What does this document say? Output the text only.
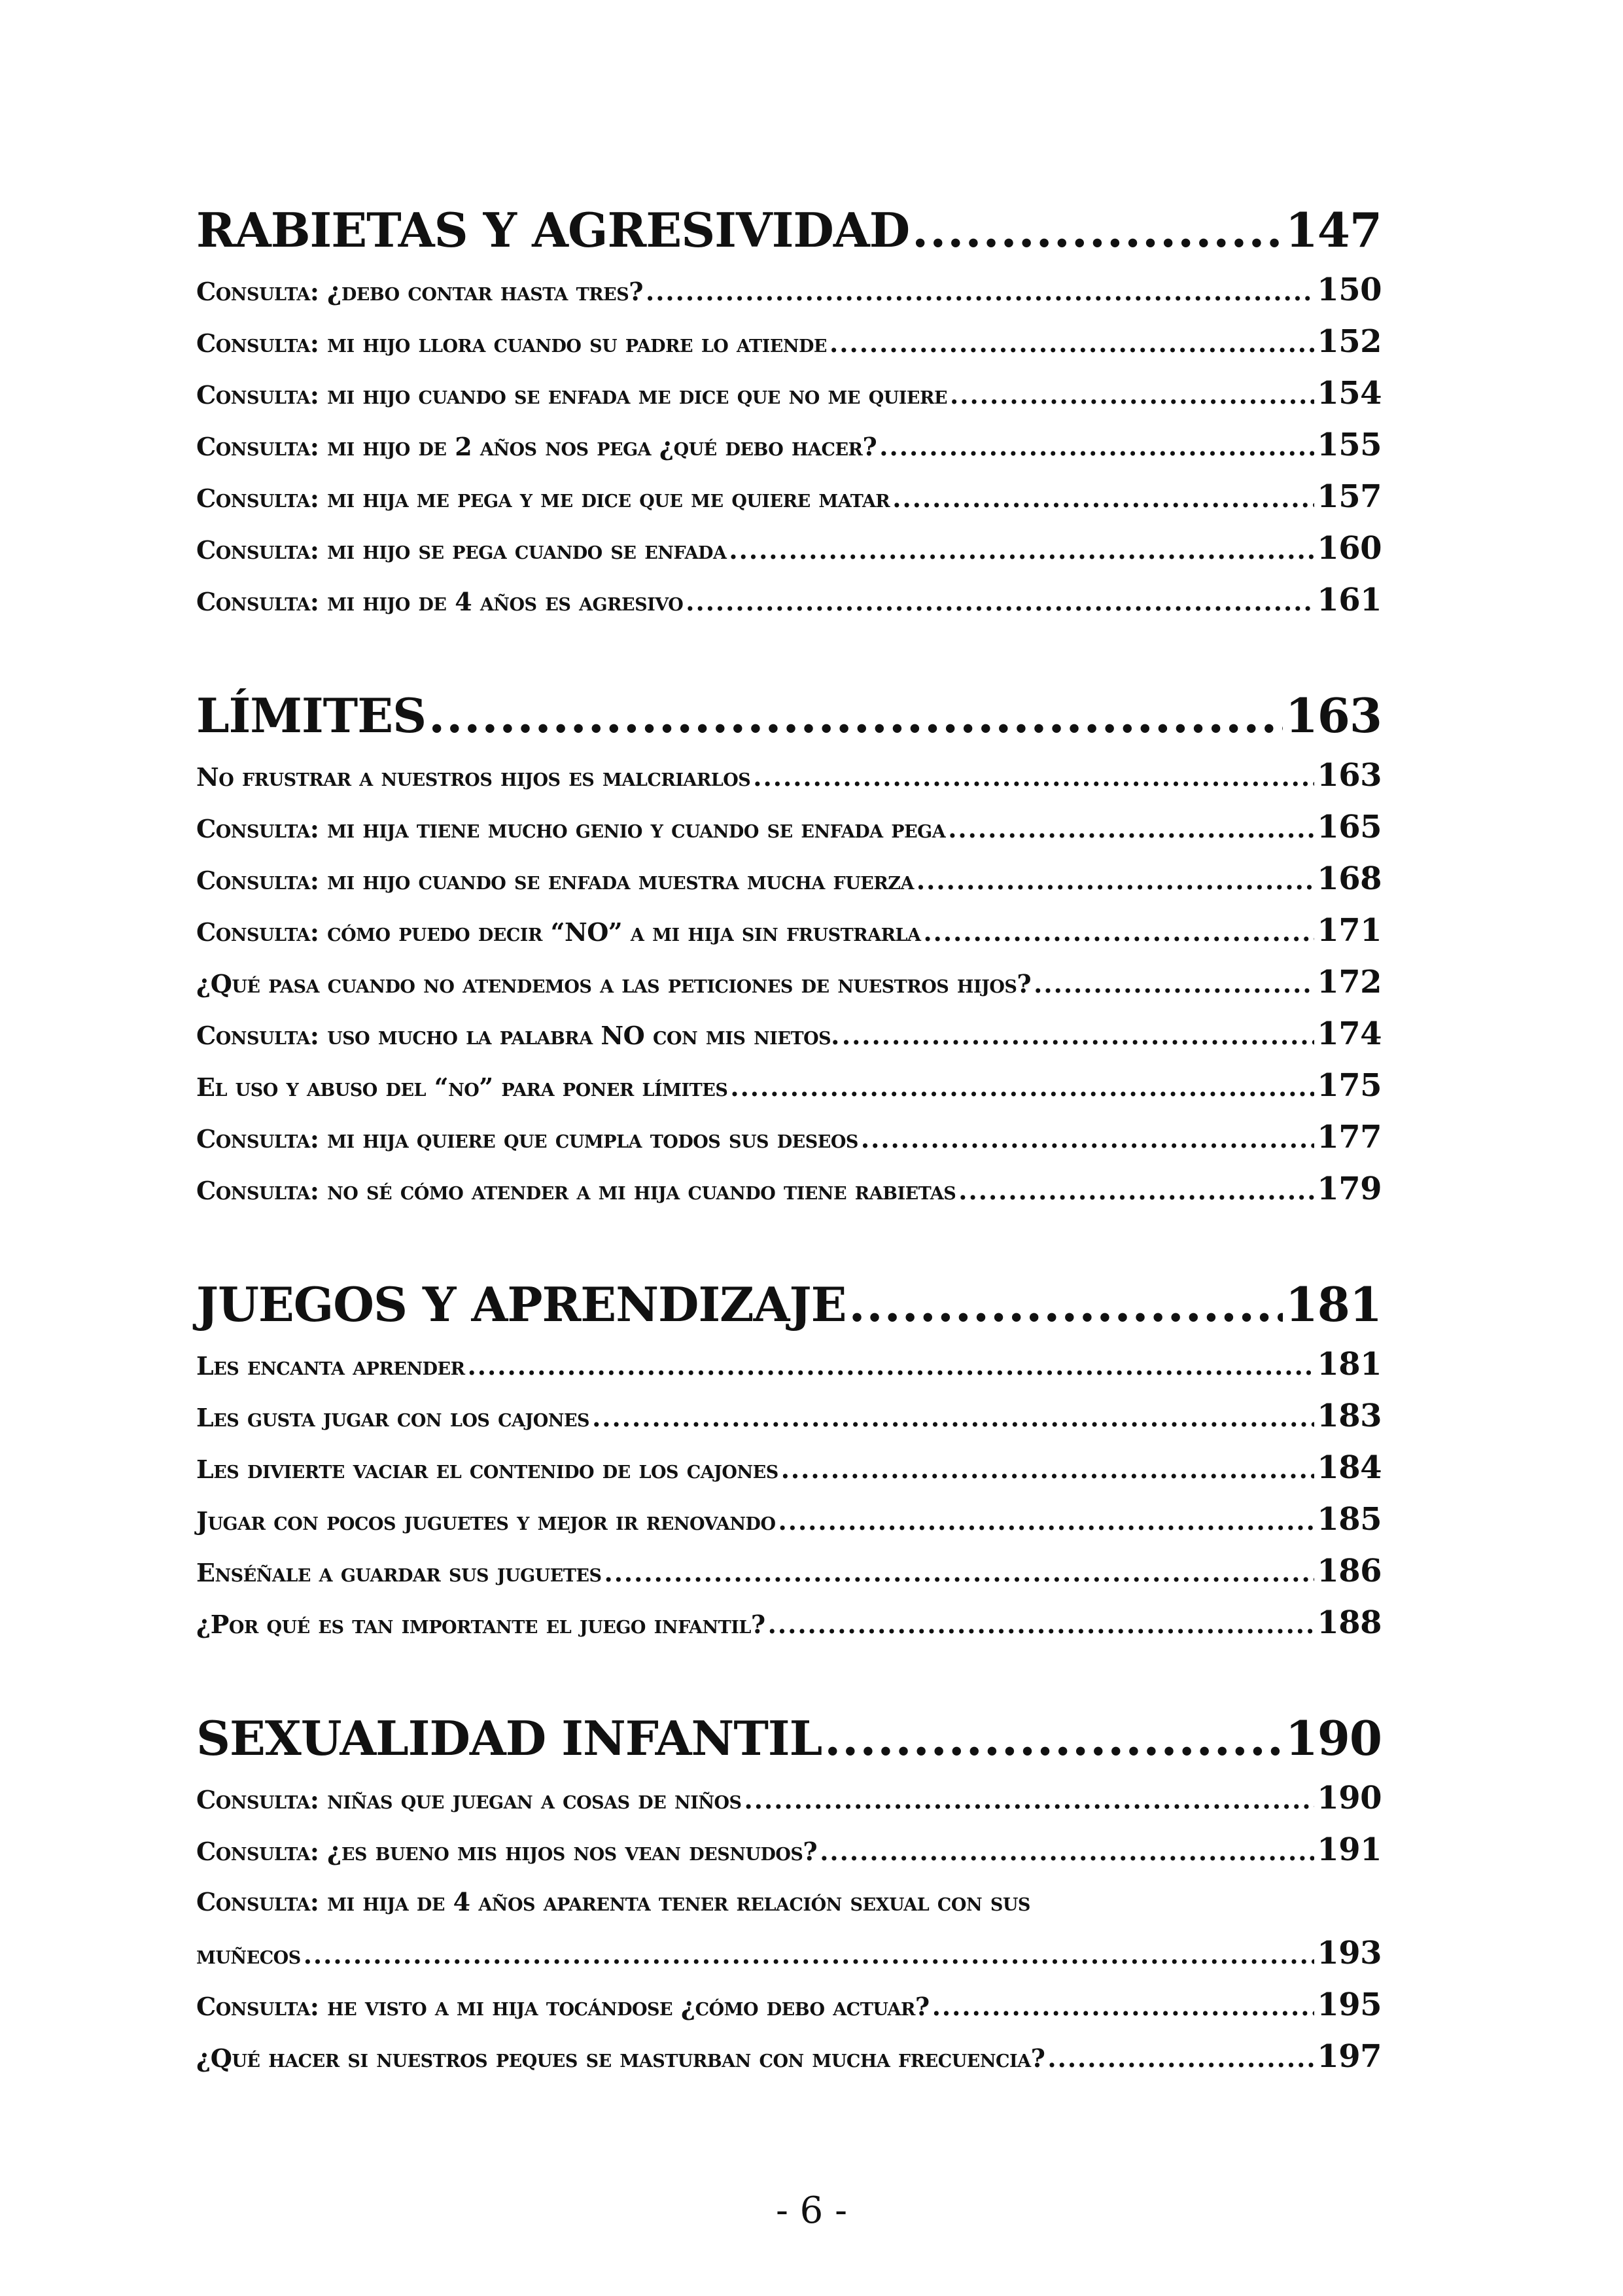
RABIETAS Y AGRESIVIDAD .....	147
Consulta: ¿debo contar hasta tres? .....	150
Consulta: mi hijo llora cuando su padre lo atiende .....	152
Consulta: mi hijo cuando se enfada me dice que no me quiere .....	154
Consulta: mi hijo de 2 años nos pega ¿qué debo hacer? .....	155
Consulta: mi hija me pega y me dice que me quiere matar .....	157
Consulta: mi hijo se pega cuando se enfada .....	160
Consulta: mi hijo de 4 años es agresivo .....	161
LÍMITES .....	163
No frustrar a nuestros hijos es malcriarlos .....	163
Consulta: mi hija tiene mucho genio y cuando se enfada pega .....	165
Consulta: mi hijo cuando se enfada muestra mucha fuerza .....	168
Consulta: cómo puedo decir “NO” a mi hija sin frustrarla .....	171
¿Qué pasa cuando no atendemos a las peticiones de nuestros hijos? .....	172
Consulta: uso mucho la palabra NO con mis nietos. .....	174
El uso y abuso del “no” para poner límites .....	175
Consulta: mi hija quiere que cumpla todos sus deseos .....	177
Consulta: no sé cómo atender a mi hija cuando tiene rabietas .....	179
JUEGOS Y APRENDIZAJE .....	181
Les encanta aprender .....	181
Les gusta jugar con los cajones .....	183
Les divierte vaciar el contenido de los cajones .....	184
Jugar con pocos juguetes y mejor ir renovando .....	185
Enséñale a guardar sus juguetes .....	186
¿Por qué es tan importante el juego infantil? .....	188
SEXUALIDAD INFANTIL .....	190
Consulta: niñas que juegan a cosas de niños .....	190
Consulta: ¿es bueno mis hijos nos vean desnudos? .....	191
Consulta: mi hija de 4 años aparenta tener relación sexual con sus
muñecos .....	193
Consulta: he visto a mi hija tocándose ¿cómo debo actuar? .....	195
¿Qué hacer si nuestros peques se masturban con mucha frecuencia? .....	197
- 6 -
